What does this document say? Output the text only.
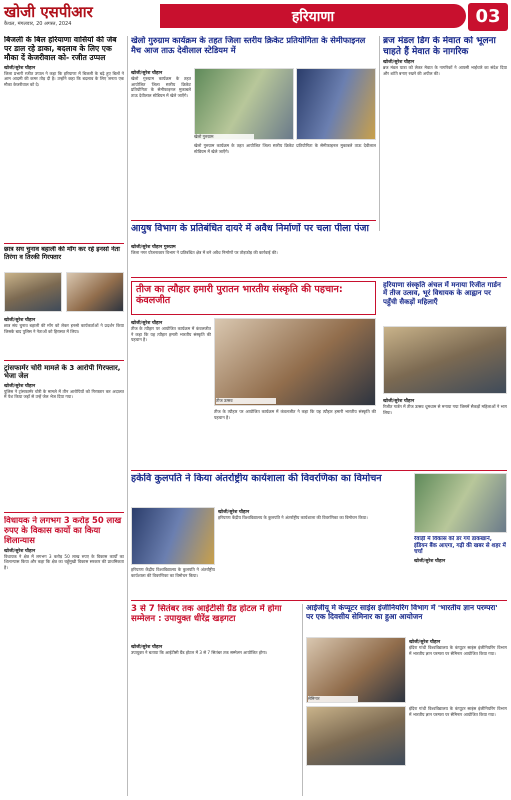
खोजी एसपीआर
कैथल, मंगलवार, 20 अगस्त, 2024	हरियाणा	03
बिजली के बिल हरियाणा वासियों की जेब पर डाल रहे डाका, बदलाव के लिए एक मौका दें केजरीवाल को- रजीत उप्पल
खोजी/सुरेश चौहान
जिला प्रभारी रजीत उप्पल ने कहा कि हरियाणा में बिजली के बढ़े हुए बिलों ने आम आदमी की कमर तोड़ दी है। उन्होंने कहा कि बदलाव के लिए जनता एक मौका केजरीवाल को दे।
छात्र सघ चुनाव बहाली की माँग कर रहे इनसो नेता तिरंगा व तिरकी गिरफ्तार
खोजी/सुरेश चौहान
छात्र संघ चुनाव बहाली की माँग को लेकर इनसो कार्यकर्ताओं ने प्रदर्शन किया जिसके बाद पुलिस ने नेताओं को हिरासत में लिया।
ट्रांसफार्मर चोरी मामले के 3 आरोपी गिरफ्तार, भेजा जेल
खोजी/सुरेश चौहान
पुलिस ने ट्रांसफार्मर चोरी के मामले में तीन आरोपियों को गिरफ्तार कर अदालत में पेश किया जहाँ से उन्हें जेल भेज दिया गया।
विधायक ने लगभग 3 करोड़ 50 लाख रुपए के विकास कार्यो का किया शिलान्यास
खोजी/सुरेश चौहान
विधायक ने क्षेत्र में लगभग 3 करोड़ 50 लाख रुपए के विकास कार्यों का शिलान्यास किया और कहा कि क्षेत्र का चहुँमुखी विकास सरकार की प्राथमिकता है।
खेलो गुरुग्राम कार्यक्रम के तहत जिला स्तरीय क्रिकेट प्रतियोगिता के सेमीफाइनल मैच आज ताऊ देवीलाल स्टेडियम में
खोजी/सुरेश चौहान
खेलो गुरुग्राम कार्यक्रम के तहत आयोजित जिला स्तरीय क्रिकेट प्रतियोगिता के सेमीफाइनल मुकाबले ताऊ देवीलाल स्टेडियम में खेले जाएँगे।
खेलो गुरुग्राम
खेलो गुरुग्राम कार्यक्रम के तहत आयोजित जिला स्तरीय क्रिकेट प्रतियोगिता के सेमीफाइनल मुकाबले ताऊ देवीलाल स्टेडियम में खेले जाएँगे।
ब्रज मंडल डिंग के मेवात को भूलना चाहते हैं मेवात के नागरिक
खोजी/सुरेश चौहान
ब्रज मंडल यात्रा को लेकर मेवात के नागरिकों ने आपसी भाईचारे का संदेश दिया और शांति बनाए रखने की अपील की।
आयुष विभाग के प्रतिबंधित दायरे में अवैध निर्माणों पर चला पीला पंजा
खोजी/सुरेश चौहान गुरुग्राम
जिला नगर योजनाकार विभाग ने प्रतिबंधित क्षेत्र में बने अवैध निर्माणों पर तोड़फोड़ की कार्रवाई की।
तीज का त्यौहार हमारी पुरातन भारतीय संस्कृति की पहचान: कंवलजीत
खोजी/सुरेश चौहान
तीज के त्यौहार पर आयोजित कार्यक्रम में कंवलजीत ने कहा कि यह त्यौहार हमारी भारतीय संस्कृति की पहचान है।
तीज उत्सव
तीज के त्यौहार पर आयोजित कार्यक्रम में कंवलजीत ने कहा कि यह त्यौहार हमारी भारतीय संस्कृति की पहचान है।
हरियाणा संस्कृति अंचल में मनाया रिजीत गार्डन में तीज उत्सव, भूरं विधायक के आह्वान पर पहुँची सैकड़ों महिलाएँ
खोजी/सुरेश चौहान
रिजीत गार्डन में तीज उत्सव धूमधाम से मनाया गया जिसमें सैकड़ों महिलाओं ने भाग लिया।
हकेवि कुलपति ने किया अंतर्राष्ट्रीय कार्यशाला की विवरणिका का विमोचन
खोजी/सुरेश चौहान
हरियाणा केंद्रीय विश्वविद्यालय के कुलपति ने अंतर्राष्ट्रीय कार्यशाला की विवरणिका का विमोचन किया।
हरियाणा केंद्रीय विश्वविद्यालय के कुलपति ने अंतर्राष्ट्रीय कार्यशाला की विवरणिका का विमोचन किया।
रेवाड़ी में विकास को डर गये डाकखाने, इंडियन बैंक आएगा, गढ़ी की खबर से शहर में चर्चा
खोजी/सुरेश चौहान
3 से 7 सितंबर तक आईटीसी ग्रैंड होटल में होगा सम्मेलन : उपायुक्त धीरेंद्र खड़गटा
खोजी/सुरेश चौहान
उपायुक्त ने बताया कि आईटीसी ग्रैंड होटल में 3 से 7 सितंबर तक सम्मेलन आयोजित होगा।
आईजीयू मे कंप्यूटर साइंस इंजीनियरिंग विभाग में 'भारतीय ज्ञान परम्परा' पर एक दिवसीय सेमिनार का हुआ आयोजन
सेमिनार
खोजी/सुरेश चौहान
इंदिरा गांधी विश्वविद्यालय के कंप्यूटर साइंस इंजीनियरिंग विभाग में भारतीय ज्ञान परम्परा पर सेमिनार आयोजित किया गया।
इंदिरा गांधी विश्वविद्यालय के कंप्यूटर साइंस इंजीनियरिंग विभाग में भारतीय ज्ञान परम्परा पर सेमिनार आयोजित किया गया।
